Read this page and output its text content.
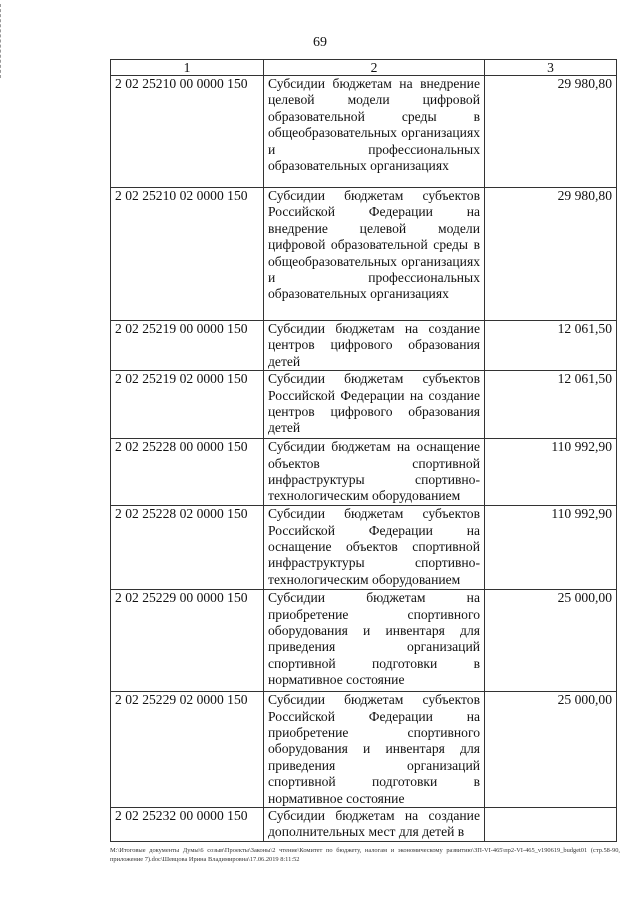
69
1	2	3
2 02 25210 00 0000 150	Субсидии бюджетам на внедрение целевой модели цифровой образовательной среды в общеобразовательных организациях и профессиональных образовательных организациях	29 980,80
2 02 25210 02 0000 150	Субсидии бюджетам субъектов Российской Федерации на внедрение целевой модели цифровой образовательной среды в общеобразовательных организациях и профессиональных образовательных организациях	29 980,80
2 02 25219 00 0000 150	Субсидии бюджетам на создание центров цифрового образования детей	12 061,50
2 02 25219 02 0000 150	Субсидии бюджетам субъектов Российской Федерации на создание центров цифрового образования детей	12 061,50
2 02 25228 00 0000 150	Субсидии бюджетам на оснащение объектов спортивной инфраструктуры спортивно-технологическим оборудованием	110 992,90
2 02 25228 02 0000 150	Субсидии бюджетам субъектов Российской Федерации на оснащение объектов спортивной инфраструктуры спортивно-технологическим оборудованием	110 992,90
2 02 25229 00 0000 150	Субсидии бюджетам на приобретение спортивного оборудования и инвентаря для приведения организаций спортивной подготовки в нормативное состояние	25 000,00
2 02 25229 02 0000 150	Субсидии бюджетам субъектов Российской Федерации на приобретение спортивного оборудования и инвентаря для приведения организаций спортивной подготовки в нормативное состояние	25 000,00
2 02 25232 00 0000 150	Субсидии бюджетам на создание дополнительных мест для детей в	
M:\Итоговые документы Думы\6 созыв\Проекты\Законы\2 чтение\Комитет по бюджету, налогам и экономическому развитию\ЗП-VI-465\пр2-VI-465_v190619_budget01 (стр.58-90, приложение 7).doc\Шевцова Ирина Владимировна\17.06.2019 8:11:52
